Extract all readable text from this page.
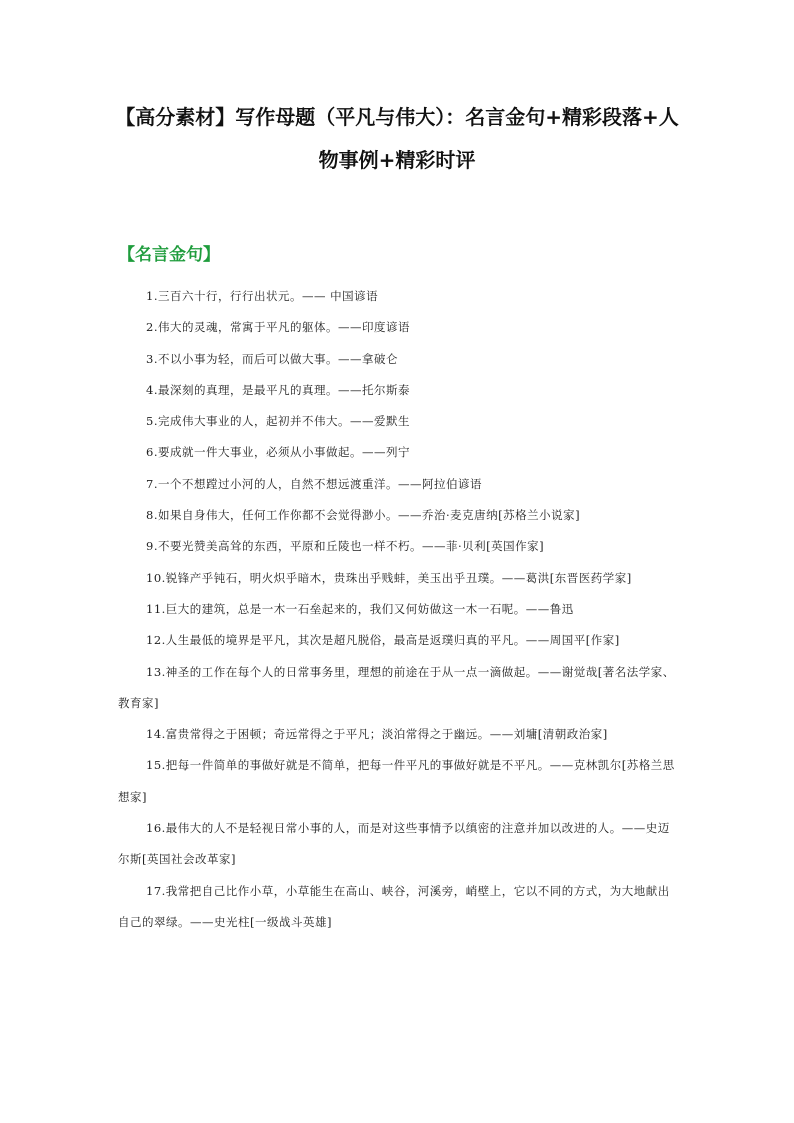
【高分素材】写作母题（平凡与伟大）：名言金句+精彩段落+人物事例+精彩时评
【名言金句】
1.三百六十行，行行出状元。—— 中国谚语
2.伟大的灵魂，常寓于平凡的躯体。——印度谚语
3.不以小事为轻，而后可以做大事。——拿破仑
4.最深刻的真理，是最平凡的真理。——托尔斯泰
5.完成伟大事业的人，起初并不伟大。——爱默生
6.要成就一件大事业，必须从小事做起。——列宁
7.一个不想蹚过小河的人，自然不想远渡重洋。——阿拉伯谚语
8.如果自身伟大，任何工作你都不会觉得渺小。——乔治·麦克唐纳[苏格兰小说家]
9.不要光赞美高耸的东西，平原和丘陵也一样不朽。——菲·贝利[英国作家]
10.锐锋产乎钝石，明火炽乎暗木，贵珠出乎贱蚌，美玉出乎丑璞。——葛洪[东晋医药学家]
11.巨大的建筑，总是一木一石垒起来的，我们又何妨做这一木一石呢。——鲁迅
12.人生最低的境界是平凡，其次是超凡脱俗，最高是返璞归真的平凡。——周国平[作家]
13.神圣的工作在每个人的日常事务里，理想的前途在于从一点一滴做起。——谢觉哉[著名法学家、教育家]
14.富贵常得之于困顿；奇远常得之于平凡；淡泊常得之于幽远。——刘墉[清朝政治家]
15.把每一件简单的事做好就是不简单，把每一件平凡的事做好就是不平凡。——克林凯尔[苏格兰思想家]
16.最伟大的人不是轻视日常小事的人，而是对这些事情予以缜密的注意并加以改进的人。——史迈尔斯[英国社会改革家]
17.我常把自己比作小草，小草能生在高山、峡谷，河溪旁，峭壁上，它以不同的方式，为大地献出自己的翠绿。——史光柱[一级战斗英雄]
